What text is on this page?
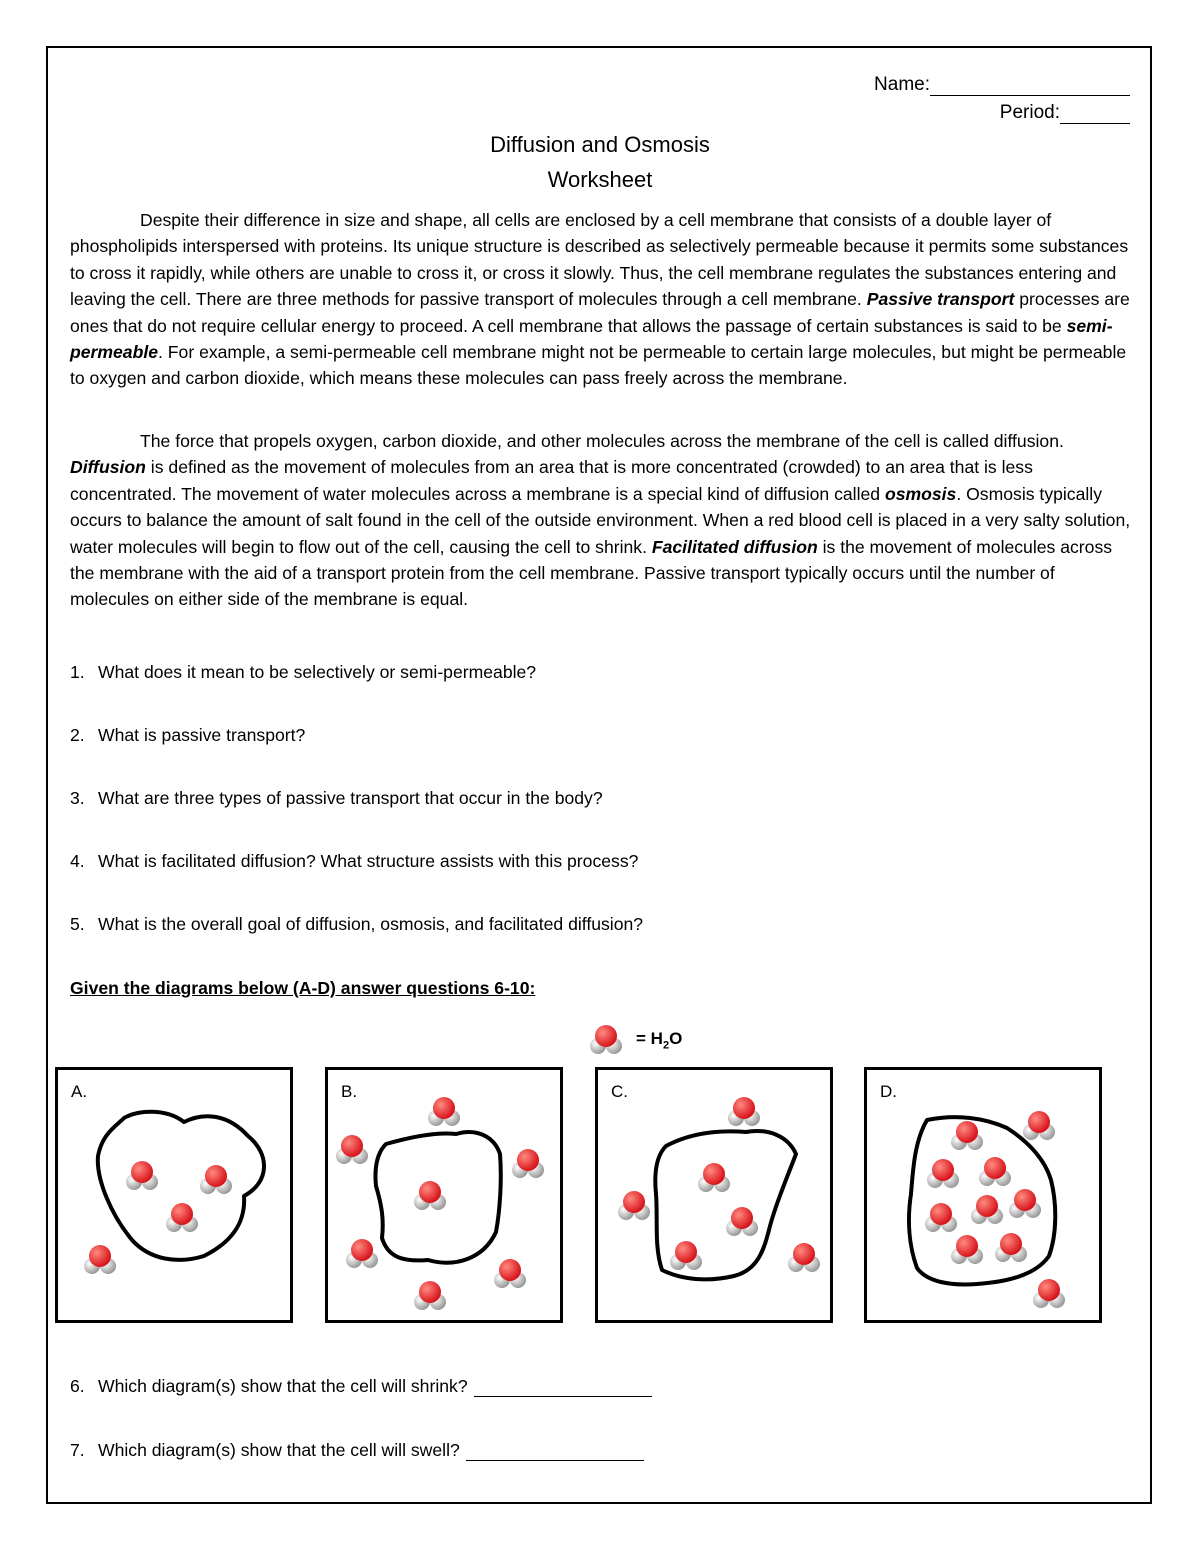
Name:
Period:
Diffusion and Osmosis
Worksheet

Despite their difference in size and shape, all cells are enclosed by a cell membrane that consists of a double layer of phospholipids interspersed with proteins. Its unique structure is described as selectively permeable because it permits some substances to cross it rapidly, while others are unable to cross it, or cross it slowly. Thus, the cell membrane regulates the substances entering and leaving the cell. There are three methods for passive transport of molecules through a cell membrane. Passive transport processes are ones that do not require cellular energy to proceed. A cell membrane that allows the passage of certain substances is said to be semi-permeable. For example, a semi-permeable cell membrane might not be permeable to certain large molecules, but might be permeable to oxygen and carbon dioxide, which means these molecules can pass freely across the membrane.

The force that propels oxygen, carbon dioxide, and other molecules across the membrane of the cell is called diffusion. Diffusion is defined as the movement of molecules from an area that is more concentrated (crowded) to an area that is less concentrated. The movement of water molecules across a membrane is a special kind of diffusion called osmosis. Osmosis typically occurs to balance the amount of salt found in the cell of the outside environment. When a red blood cell is placed in a very salty solution, water molecules will begin to flow out of the cell, causing the cell to shrink. Facilitated diffusion is the movement of molecules across the membrane with the aid of a transport protein from the cell membrane. Passive transport typically occurs until the number of molecules on either side of the membrane is equal.

1. What does it mean to be selectively or semi-permeable?
2. What is passive transport?
3. What are three types of passive transport that occur in the body?
4. What is facilitated diffusion? What structure assists with this process?
5. What is the overall goal of diffusion, osmosis, and facilitated diffusion?
Given the diagrams below (A-D) answer questions 6-10:
= $H_2O$
A.	B.	C.	D.
6. Which diagram(s) show that the cell will shrink?
7. Which diagram(s) show that the cell will swell?
